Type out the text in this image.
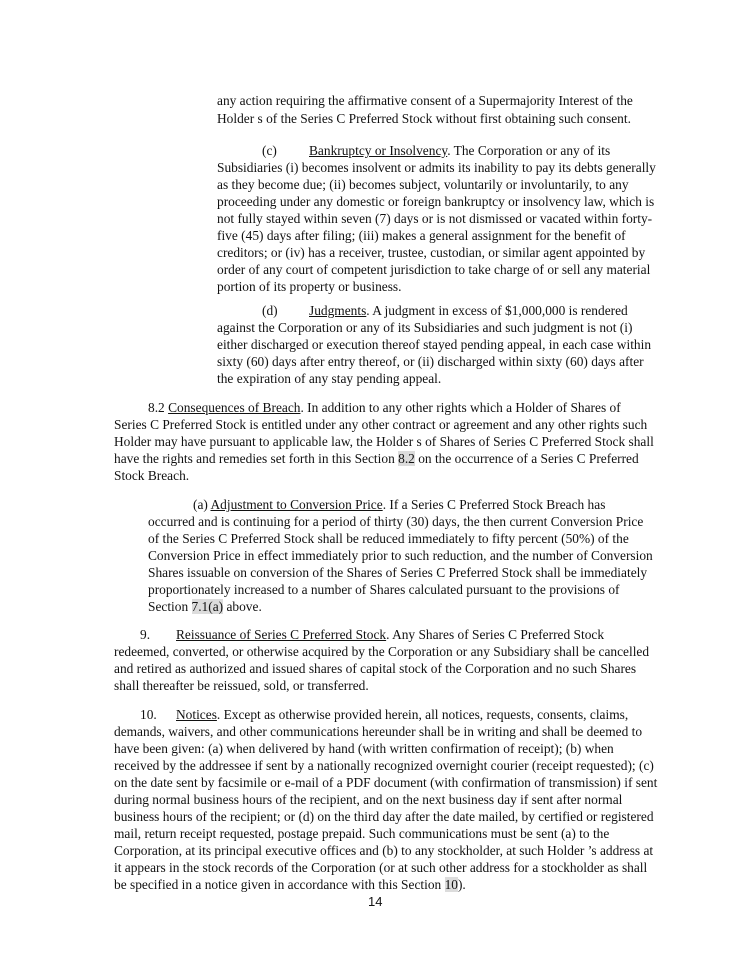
any action requiring the affirmative consent of a Supermajority Interest of the
Holder s of the Series C Preferred Stock without first obtaining such consent.
(c) Bankruptcy or Insolvency. The Corporation or any of its
Subsidiaries (i) becomes insolvent or admits its inability to pay its debts generally
as they become due; (ii) becomes subject, voluntarily or involuntarily, to any
proceeding under any domestic or foreign bankruptcy or insolvency law, which is
not fully stayed within seven (7) days or is not dismissed or vacated within forty-
five (45) days after filing; (iii) makes a general assignment for the benefit of
creditors; or (iv) has a receiver, trustee, custodian, or similar agent appointed by
order of any court of competent jurisdiction to take charge of or sell any material
portion of its property or business.
(d) Judgments. A judgment in excess of $1,000,000 is rendered
against the Corporation or any of its Subsidiaries and such judgment is not (i)
either discharged or execution thereof stayed pending appeal, in each case within
sixty (60) days after entry thereof, or (ii) discharged within sixty (60) days after
the expiration of any stay pending appeal.
8.2 Consequences of Breach. In addition to any other rights which a Holder of Shares of
Series C Preferred Stock is entitled under any other contract or agreement and any other rights such
Holder may have pursuant to applicable law, the Holder s of Shares of Series C Preferred Stock shall
have the rights and remedies set forth in this Section 8.2 on the occurrence of a Series C Preferred
Stock Breach.
(a) Adjustment to Conversion Price. If a Series C Preferred Stock Breach has
occurred and is continuing for a period of thirty (30) days, the then current Conversion Price
of the Series C Preferred Stock shall be reduced immediately to fifty percent (50%) of the
Conversion Price in effect immediately prior to such reduction, and the number of Conversion
Shares issuable on conversion of the Shares of Series C Preferred Stock shall be immediately
proportionately increased to a number of Shares calculated pursuant to the provisions of
Section 7.1(a) above.
9. Reissuance of Series C Preferred Stock. Any Shares of Series C Preferred Stock
redeemed, converted, or otherwise acquired by the Corporation or any Subsidiary shall be cancelled
and retired as authorized and issued shares of capital stock of the Corporation and no such Shares
shall thereafter be reissued, sold, or transferred.
10. Notices. Except as otherwise provided herein, all notices, requests, consents, claims,
demands, waivers, and other communications hereunder shall be in writing and shall be deemed to
have been given: (a) when delivered by hand (with written confirmation of receipt); (b) when
received by the addressee if sent by a nationally recognized overnight courier (receipt requested); (c)
on the date sent by facsimile or e-mail of a PDF document (with confirmation of transmission) if sent
during normal business hours of the recipient, and on the next business day if sent after normal
business hours of the recipient; or (d) on the third day after the date mailed, by certified or registered
mail, return receipt requested, postage prepaid. Such communications must be sent (a) to the
Corporation, at its principal executive offices and (b) to any stockholder, at such Holder ’s address at
it appears in the stock records of the Corporation (or at such other address for a stockholder as shall
be specified in a notice given in accordance with this Section 10).
14
